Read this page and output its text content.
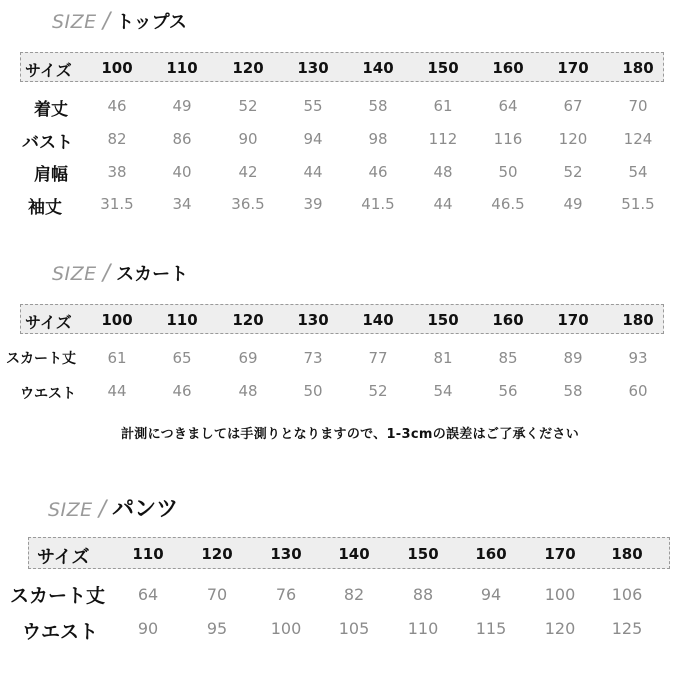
SIZE / トップス
サイズ 100 110 120 130 140 150 160 170 180
着丈	46	49	52	55	58	61	64	67	70
バスト 82	86	90	94	98	112 116 120 124
肩幅	38	40	42	44	46	48	50	52	54
袖丈	31.5	34	36.5	39	41.5	44	46.5	49	51.5
SIZE / スカート
サイズ 100 110 120 130 140 150 160 170 180
スカート丈 61	65	69	73	77	81	85	89	93
ウエスト 44	46	48	50	52	54	56	58	60
計測につきましては手測りとなりますので、1-3cmの誤差はご了承ください
SIZE / パンツ
サイズ	110	120	130 140	150 160	170 180
スカート丈 64	70	76	82	88	94	100 106
ウエスト 90	95	100 105 110 115 120 125
